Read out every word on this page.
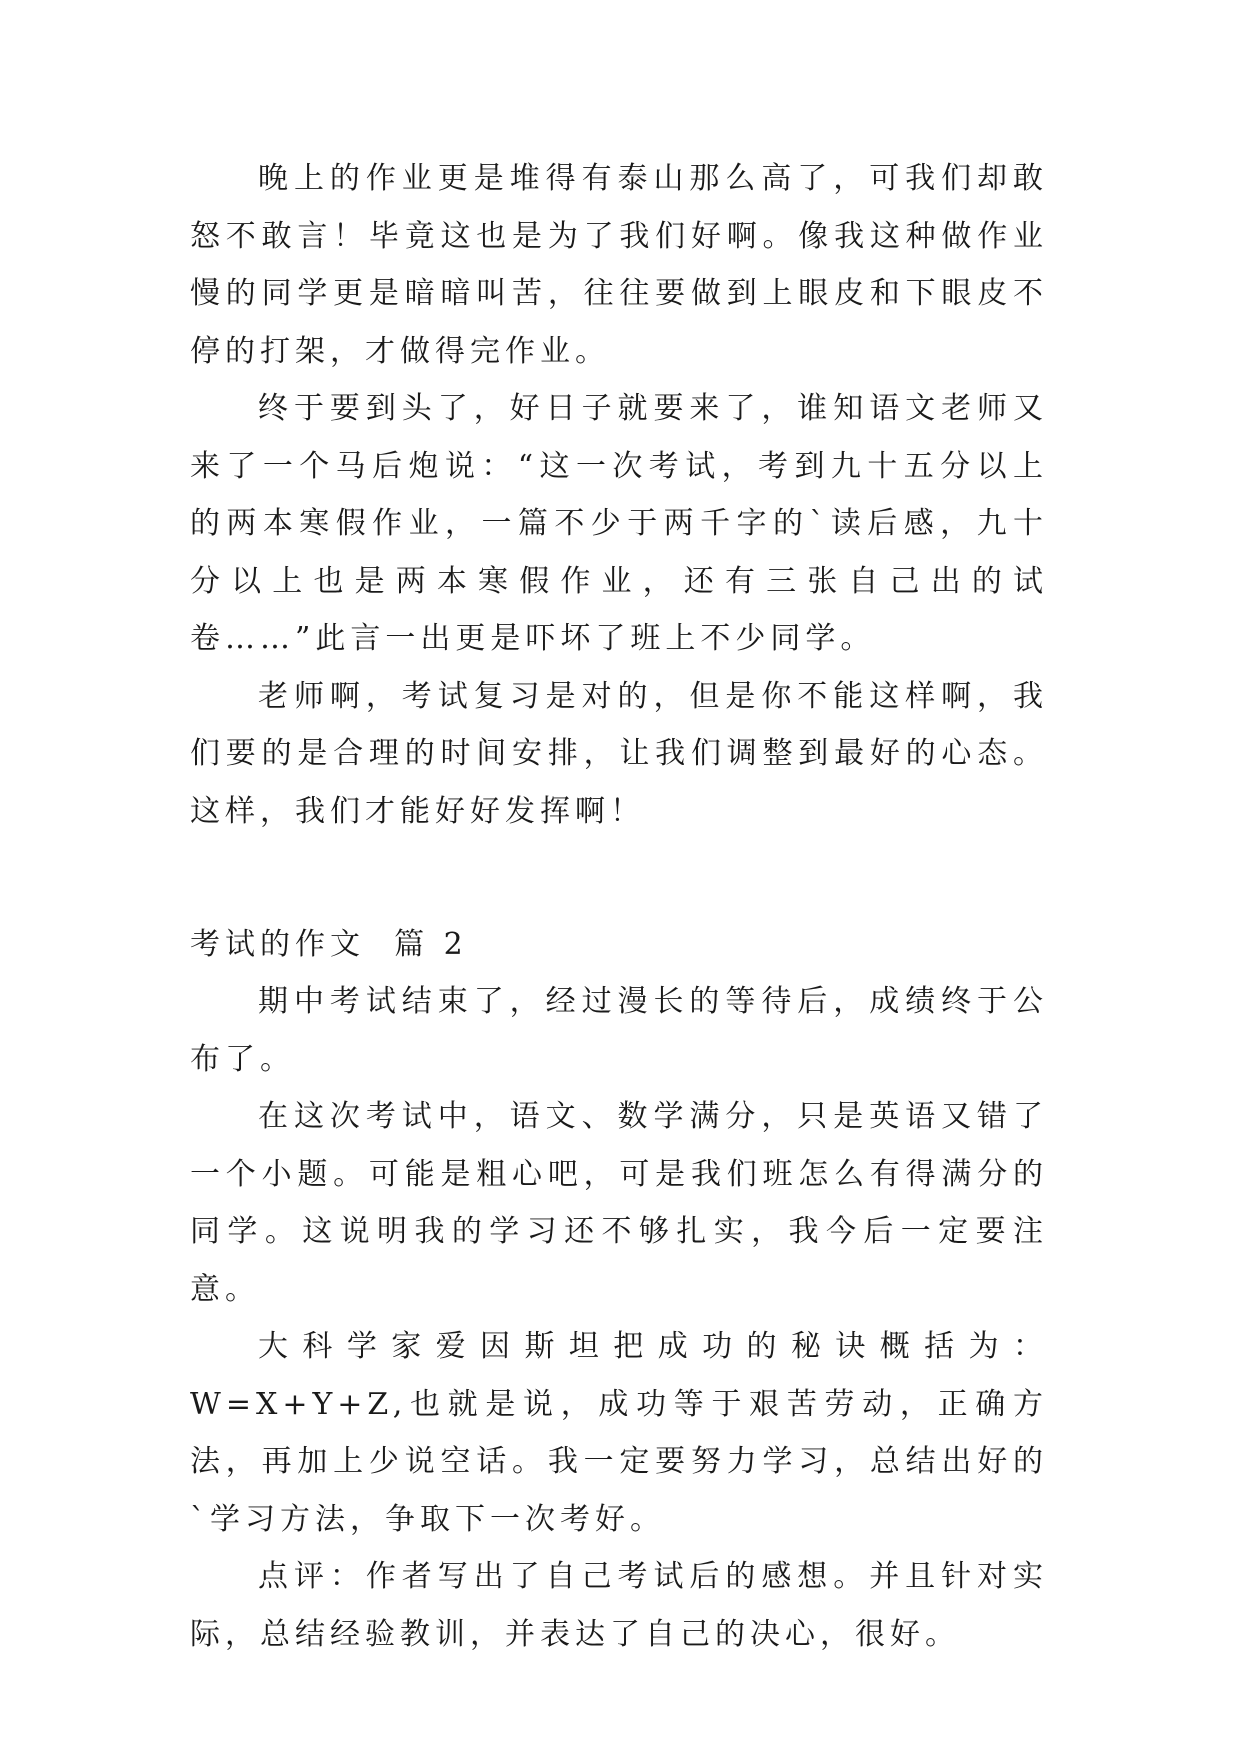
晚上的作业更是堆得有泰山那么高了，可我们却敢怒不敢言！毕竟这也是为了我们好啊。像我这种做作业慢的同学更是暗暗叫苦，往往要做到上眼皮和下眼皮不停的打架，才做得完作业。

终于要到头了，好日子就要来了，谁知语文老师又来了一个马后炮说：“这一次考试，考到九十五分以上的两本寒假作业，一篇不少于两千字的`读后感，九十分以上也是两本寒假作业，还有三张自己出的试卷……”此言一出更是吓坏了班上不少同学。

老师啊，考试复习是对的，但是你不能这样啊，我们要的是合理的时间安排，让我们调整到最好的心态。这样，我们才能好好发挥啊！

考试的作文  篇 2

期中考试结束了，经过漫长的等待后，成绩终于公布了。

在这次考试中，语文、数学满分，只是英语又错了一个小题。可能是粗心吧，可是我们班怎么有得满分的同学。这说明我的学习还不够扎实，我今后一定要注意。

大科学家爱因斯坦把成功的秘诀概括为：W=X+Y+Z,也就是说，成功等于艰苦劳动，正确方法，再加上少说空话。我一定要努力学习，总结出好的`学习方法，争取下一次考好。

点评：作者写出了自己考试后的感想。并且针对实际，总结经验教训，并表达了自己的决心，很好。
